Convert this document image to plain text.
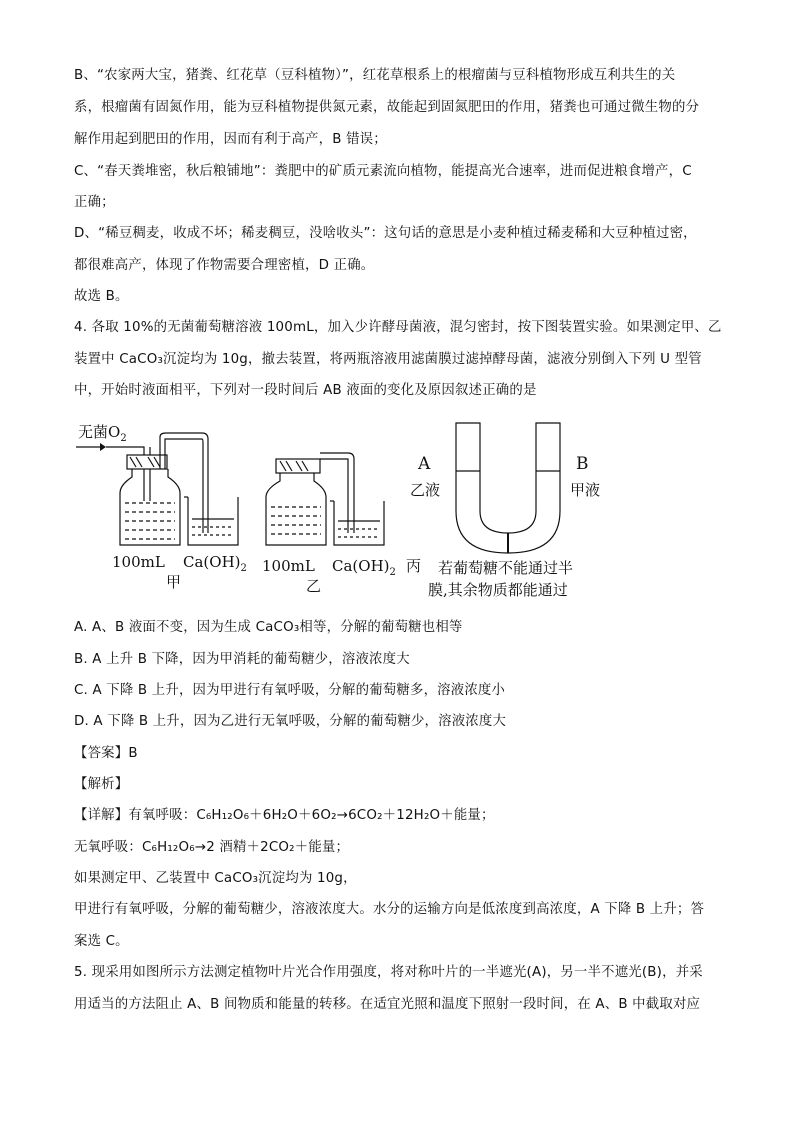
B、“农家两大宝，猪粪、红花草（豆科植物）”，红花草根系上的根瘤菌与豆科植物形成互利共生的关
系，根瘤菌有固氮作用，能为豆科植物提供氮元素，故能起到固氮肥田的作用，猪粪也可通过微生物的分
解作用起到肥田的作用，因而有利于高产，B 错误；
C、“春天粪堆密，秋后粮铺地”：粪肥中的矿质元素流向植物，能提高光合速率，进而促进粮食增产，C
正确；
D、“稀豆稠麦，收成不坏；稀麦稠豆，没啥收头”：这句话的意思是小麦种植过稀麦稀和大豆种植过密，
都很难高产，体现了作物需要合理密植，D 正确。
故选 B。
4. 各取 10%的无菌葡萄糖溶液 100mL，加入少许酵母菌液，混匀密封，按下图装置实验。如果测定甲、乙
装置中 CaCO₃沉淀均为 10g，撤去装置，将两瓶溶液用滤菌膜过滤掉酵母菌，滤液分别倒入下列 U 型管
中，开始时液面相平，下列对一段时间后 AB 液面的变化及原因叙述正确的是
无菌$O_2$
100mL $Ca(OH)_2$
甲
100mL $Ca(OH)_2$
乙
丙
A
乙液
B
甲液
若葡萄糖不能通过半
膜,其余物质都能通过
A. A、B 液面不变，因为生成 CaCO₃相等，分解的葡萄糖也相等
B. A 上升 B 下降，因为甲消耗的葡萄糖少，溶液浓度大
C. A 下降 B 上升，因为甲进行有氧呼吸，分解的葡萄糖多，溶液浓度小
D. A 下降 B 上升，因为乙进行无氧呼吸，分解的葡萄糖少，溶液浓度大
【答案】B
【解析】
【详解】有氧呼吸：C₆H₁₂O₆＋6H₂O＋6O₂→6CO₂＋12H₂O＋能量；
无氧呼吸：C₆H₁₂O₆→2 酒精＋2CO₂＋能量；
如果测定甲、乙装置中 CaCO₃沉淀均为 10g，
甲进行有氧呼吸，分解的葡萄糖少，溶液浓度大。水分的运输方向是低浓度到高浓度，A 下降 B 上升；答
案选 C。
5. 现采用如图所示方法测定植物叶片光合作用强度，将对称叶片的一半遮光(A)，另一半不遮光(B)，并采
用适当的方法阻止 A、B 间物质和能量的转移。在适宜光照和温度下照射一段时间，在 A、B 中截取对应
